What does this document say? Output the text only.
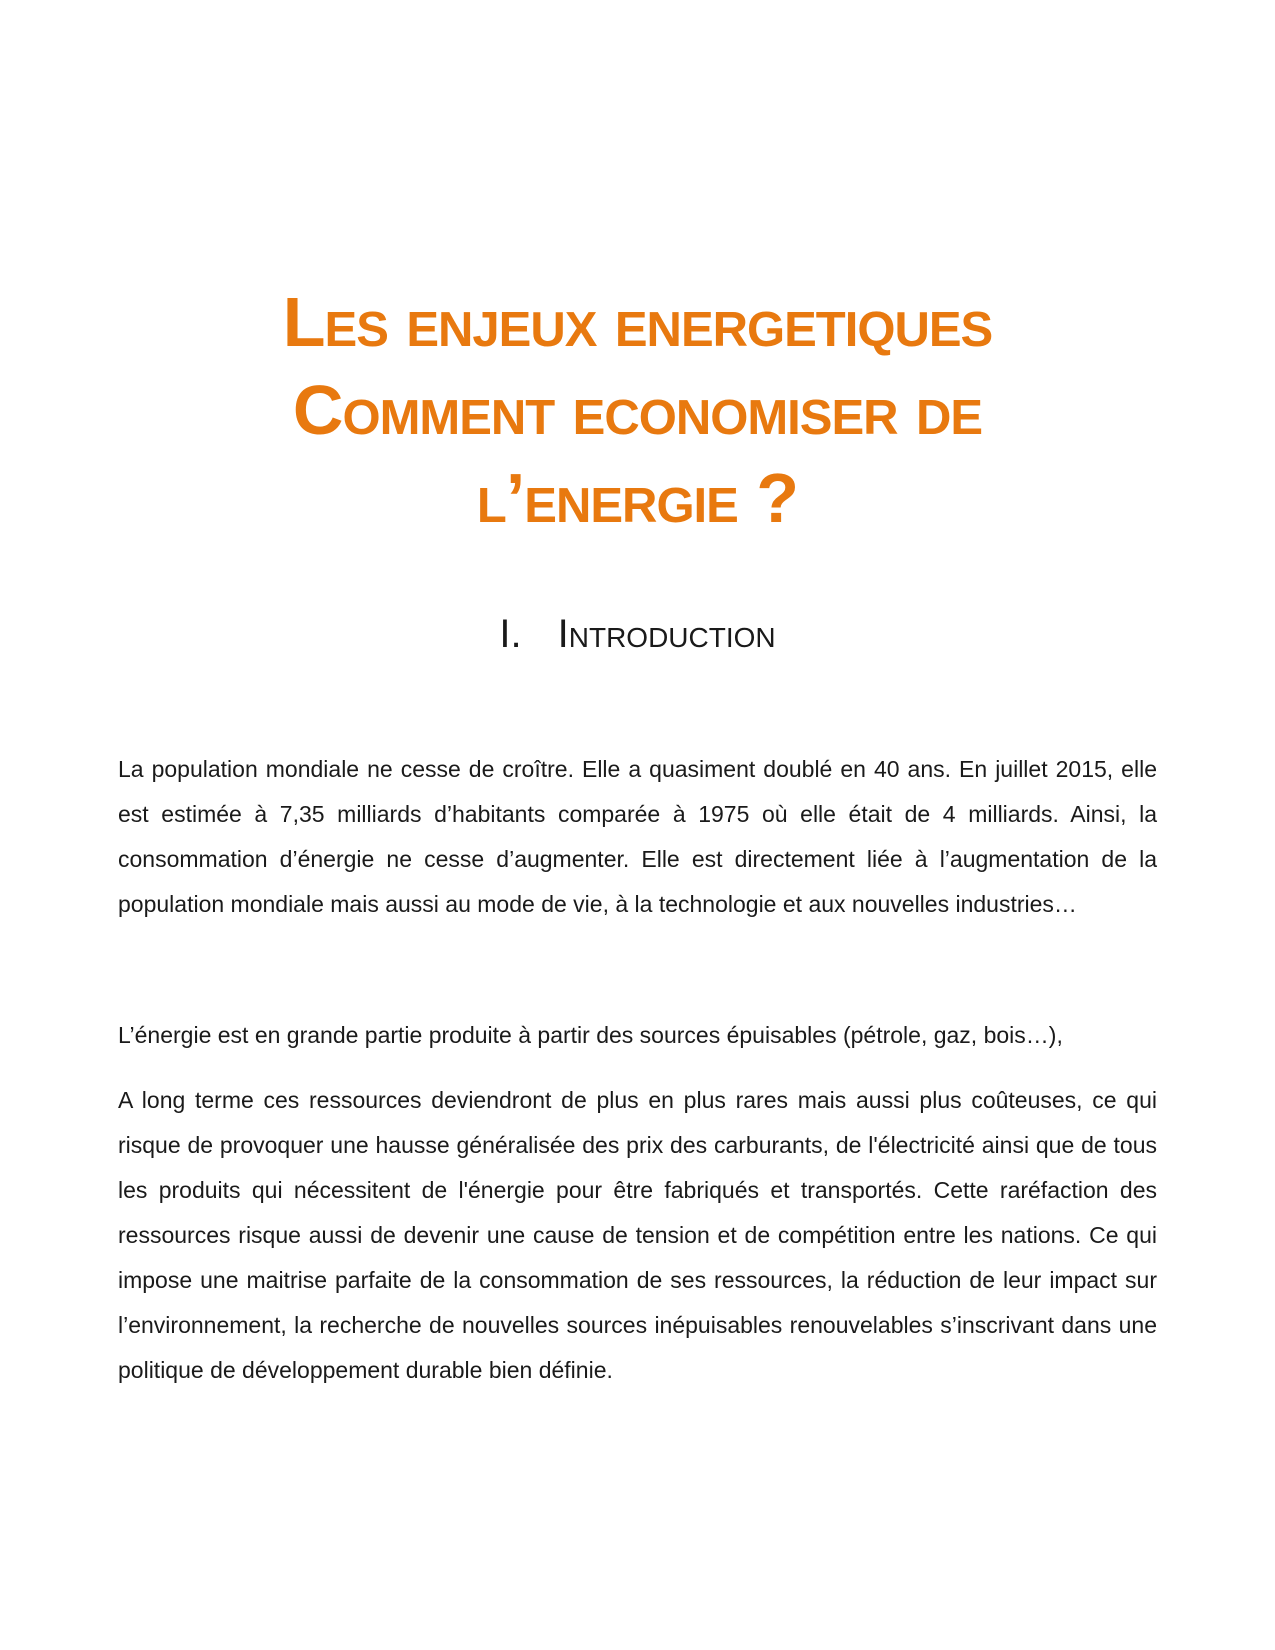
Les enjeux energetiques
Comment economiser de
l’energie ?
I. Introduction

La population mondiale ne cesse de croître. Elle a quasiment doublé en 40 ans. En juillet 2015, elle est estimée à 7,35 milliards d’habitants comparée à 1975 où elle était de 4 milliards. Ainsi, la consommation d’énergie ne cesse d’augmenter. Elle est directement liée à l’augmentation de la population mondiale mais aussi au mode de vie, à la technologie et aux nouvelles industries…

L’énergie est en grande partie produite à partir des sources épuisables (pétrole, gaz, bois…),

A long terme ces ressources deviendront de plus en plus rares mais aussi plus coûteuses, ce qui risque de provoquer une hausse généralisée des prix des carburants, de l'électricité ainsi que de tous les produits qui nécessitent de l'énergie pour être fabriqués et transportés. Cette raréfaction des ressources risque aussi de devenir une cause de tension et de compétition entre les nations. Ce qui impose une maitrise parfaite de la consommation de ses ressources, la réduction de leur impact sur l’environnement, la recherche de nouvelles sources inépuisables renouvelables s’inscrivant dans une politique de développement durable bien définie.
